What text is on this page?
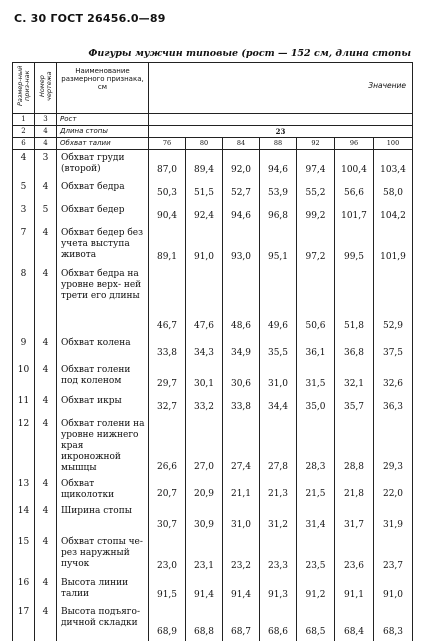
С. 30 ГОСТ 26456.0—89
Фигуры мужчин типовые (рост — 152 см, длина стопы
Размер-ный приз-нак	Номер чертежа	Наименование размерного признака, см	Значение						

1	3	Рост							
2	4	Длина стопы	23						
6	4	Обхват талии	76	80	84	88	92	96	100
4	3	Обхват груди (второй)	87,0	89,4	92,0	94,6	97,4	100,4	103,4
5	4	Обхват бедра	50,3	51,5	52,7	53,9	55,2	56,6	58,0
3	5	Обхват бедер	90,4	92,4	94,6	96,8	99,2	101,7	104,2
7	4	Обхват бедер без учета выступа живота	89,1	91,0	93,0	95,1	97,2	99,5	101,9
8	4	Обхват бедра на уровне верх- ней трети его длины	46,7	47,6	48,6	49,6	50,6	51,8	52,9
9	4	Обхват колена	33,8	34,3	34,9	35,5	36,1	36,8	37,5
10	4	Обхват голени под коленом	29,7	30,1	30,6	31,0	31,5	32,1	32,6
11	4	Обхват икры	32,7	33,2	33,8	34,4	35,0	35,7	36,3
12	4	Обхват голени на уровне нижнего края икроножной мышцы	26,6	27,0	27,4	27,8	28,3	28,8	29,3
13	4	Обхват щиколотки	20,7	20,9	21,1	21,3	21,5	21,8	22,0
14	4	Ширина стопы	30,7	30,9	31,0	31,2	31,4	31,7	31,9
15	4	Обхват стопы че- рез наружный пучок	23,0	23,1	23,2	23,3	23,5	23,6	23,7
16	4	Высота линии талии	91,5	91,4	91,4	91,3	91,2	91,1	91,0
17	4	Высота подъяго- дичной складки	68,9	68,8	68,7	68,6	68,5	68,4	68,3
